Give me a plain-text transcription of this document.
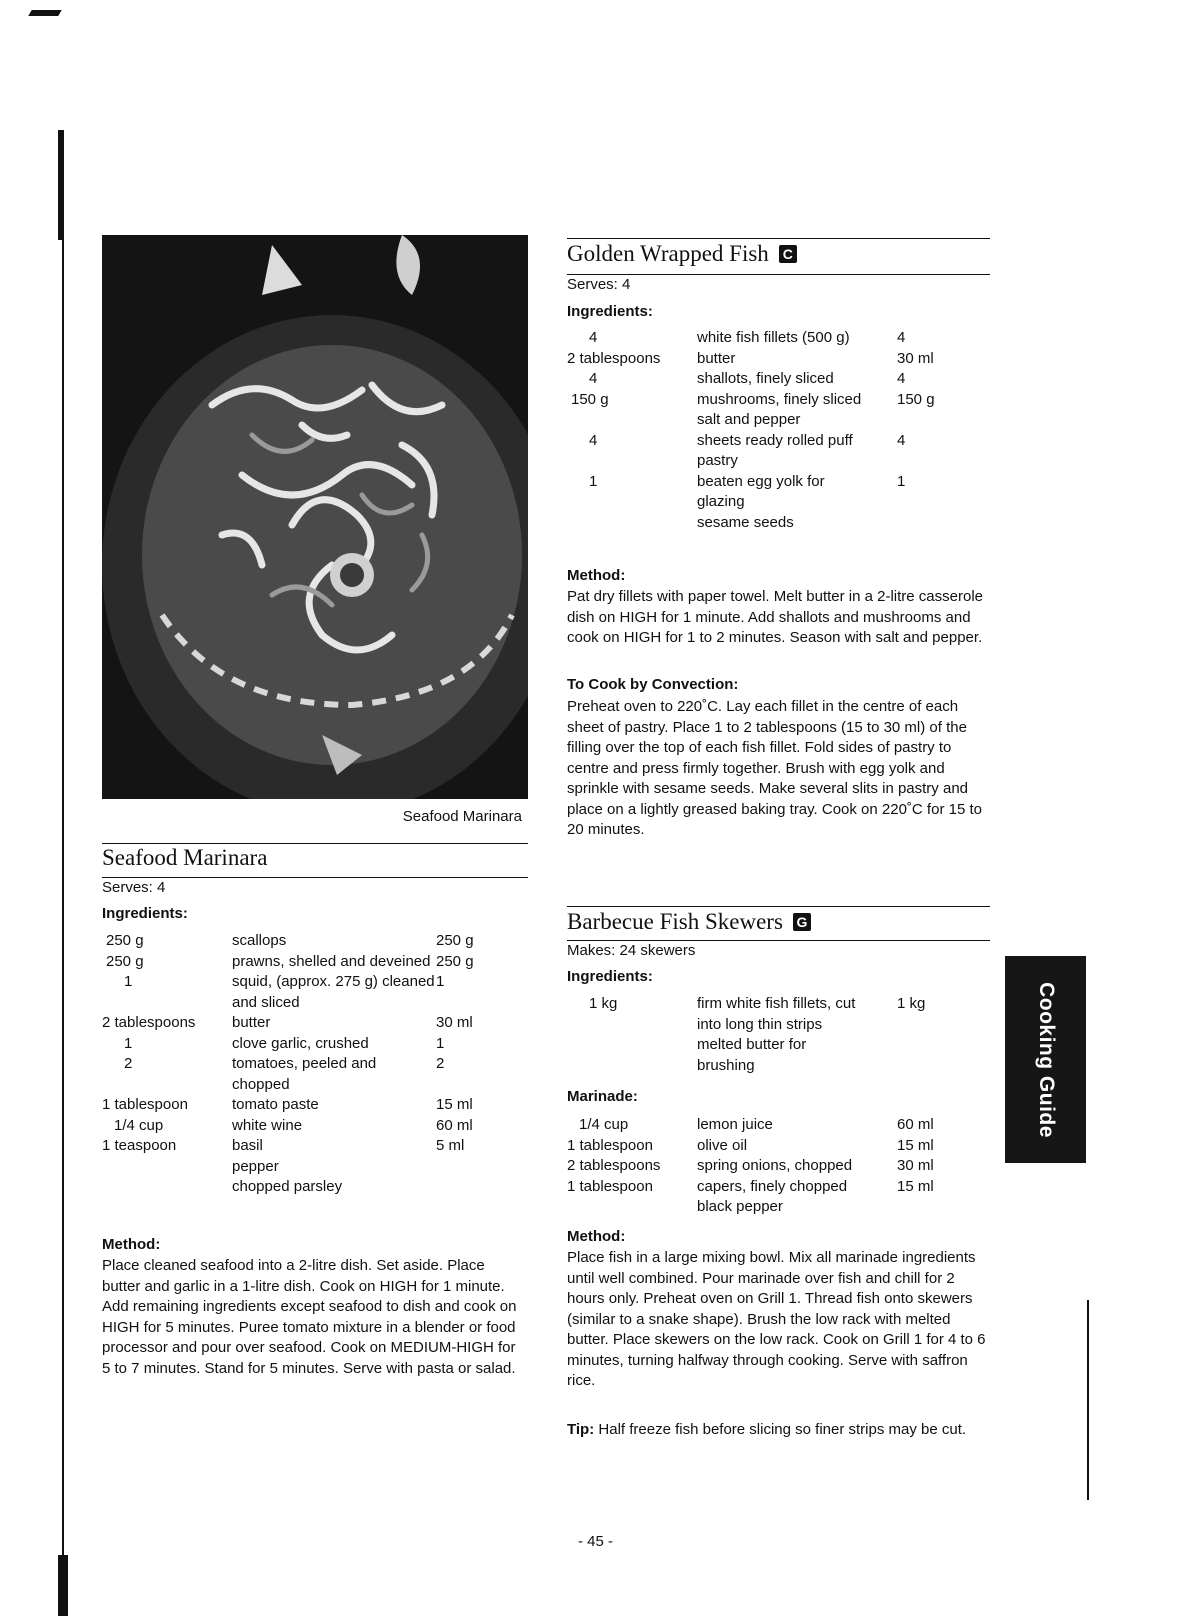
Seafood Marinara
Seafood Marinara
Serves: 4
Ingredients:
250 g	scallops	250 g
250 g	prawns, shelled and deveined	250 g
1	squid, (approx. 275 g) cleaned and sliced	1
2 tablespoons	butter	30 ml
1	clove garlic, crushed	1
2	tomatoes, peeled and chopped	2
1 tablespoon	tomato paste	15 ml
1/4 cup	white wine	60 ml
1 teaspoon	basil	5 ml
	pepper	
	chopped parsley	
Method:
Place cleaned seafood into a 2-litre dish. Set aside. Place butter and garlic in a 1-litre dish. Cook on HIGH for 1 minute. Add remaining ingredients except seafood to dish and cook on HIGH for 5 minutes. Puree tomato mixture in a blender or food processor and pour over seafood. Cook on MEDIUM-HIGH for 5 to 7 minutes. Stand for 5 minutes. Serve with pasta or salad.
Golden Wrapped Fish C
Serves: 4
Ingredients:
4	white fish fillets (500 g)	4
2 tablespoons	butter	30 ml
4	shallots, finely sliced	4
150 g	mushrooms, finely sliced	150 g
	salt and pepper	
4	sheets ready rolled puff pastry	4
1	beaten egg yolk for glazing	1
	sesame seeds	
Method:
Pat dry fillets with paper towel. Melt butter in a 2-litre casserole dish on HIGH for 1 minute. Add shallots and mushrooms and cook on HIGH for 1 to 2 minutes. Season with salt and pepper.
To Cook by Convection:
Preheat oven to 220˚C. Lay each fillet in the centre of each sheet of pastry. Place 1 to 2 tablespoons (15 to 30 ml) of the filling over the top of each fish fillet. Fold sides of pastry to centre and press firmly together. Brush with egg yolk and sprinkle with sesame seeds. Make several slits in pastry and place on a lightly greased baking tray. Cook on 220˚C for 15 to 20 minutes.
Barbecue Fish Skewers G
Makes: 24 skewers
Ingredients:
1 kg	firm white fish fillets, cut into long thin strips	1 kg
	melted butter for brushing	
Marinade:
1/4 cup	lemon juice	60 ml
1 tablespoon	olive oil	15 ml
2 tablespoons	spring onions, chopped	30 ml
1 tablespoon	capers, finely chopped	15 ml
	black pepper	
Method:
Place fish in a large mixing bowl. Mix all marinade ingredients until well combined. Pour marinade over fish and chill for 2 hours only. Preheat oven on Grill 1. Thread fish onto skewers (similar to a snake shape). Brush the low rack with melted butter. Place skewers on the low rack. Cook on Grill 1 for 4 to 6 minutes, turning halfway through cooking. Serve with saffron rice.
Tip: Half freeze fish before slicing so finer strips may be cut.
Cooking Guide
- 45 -
